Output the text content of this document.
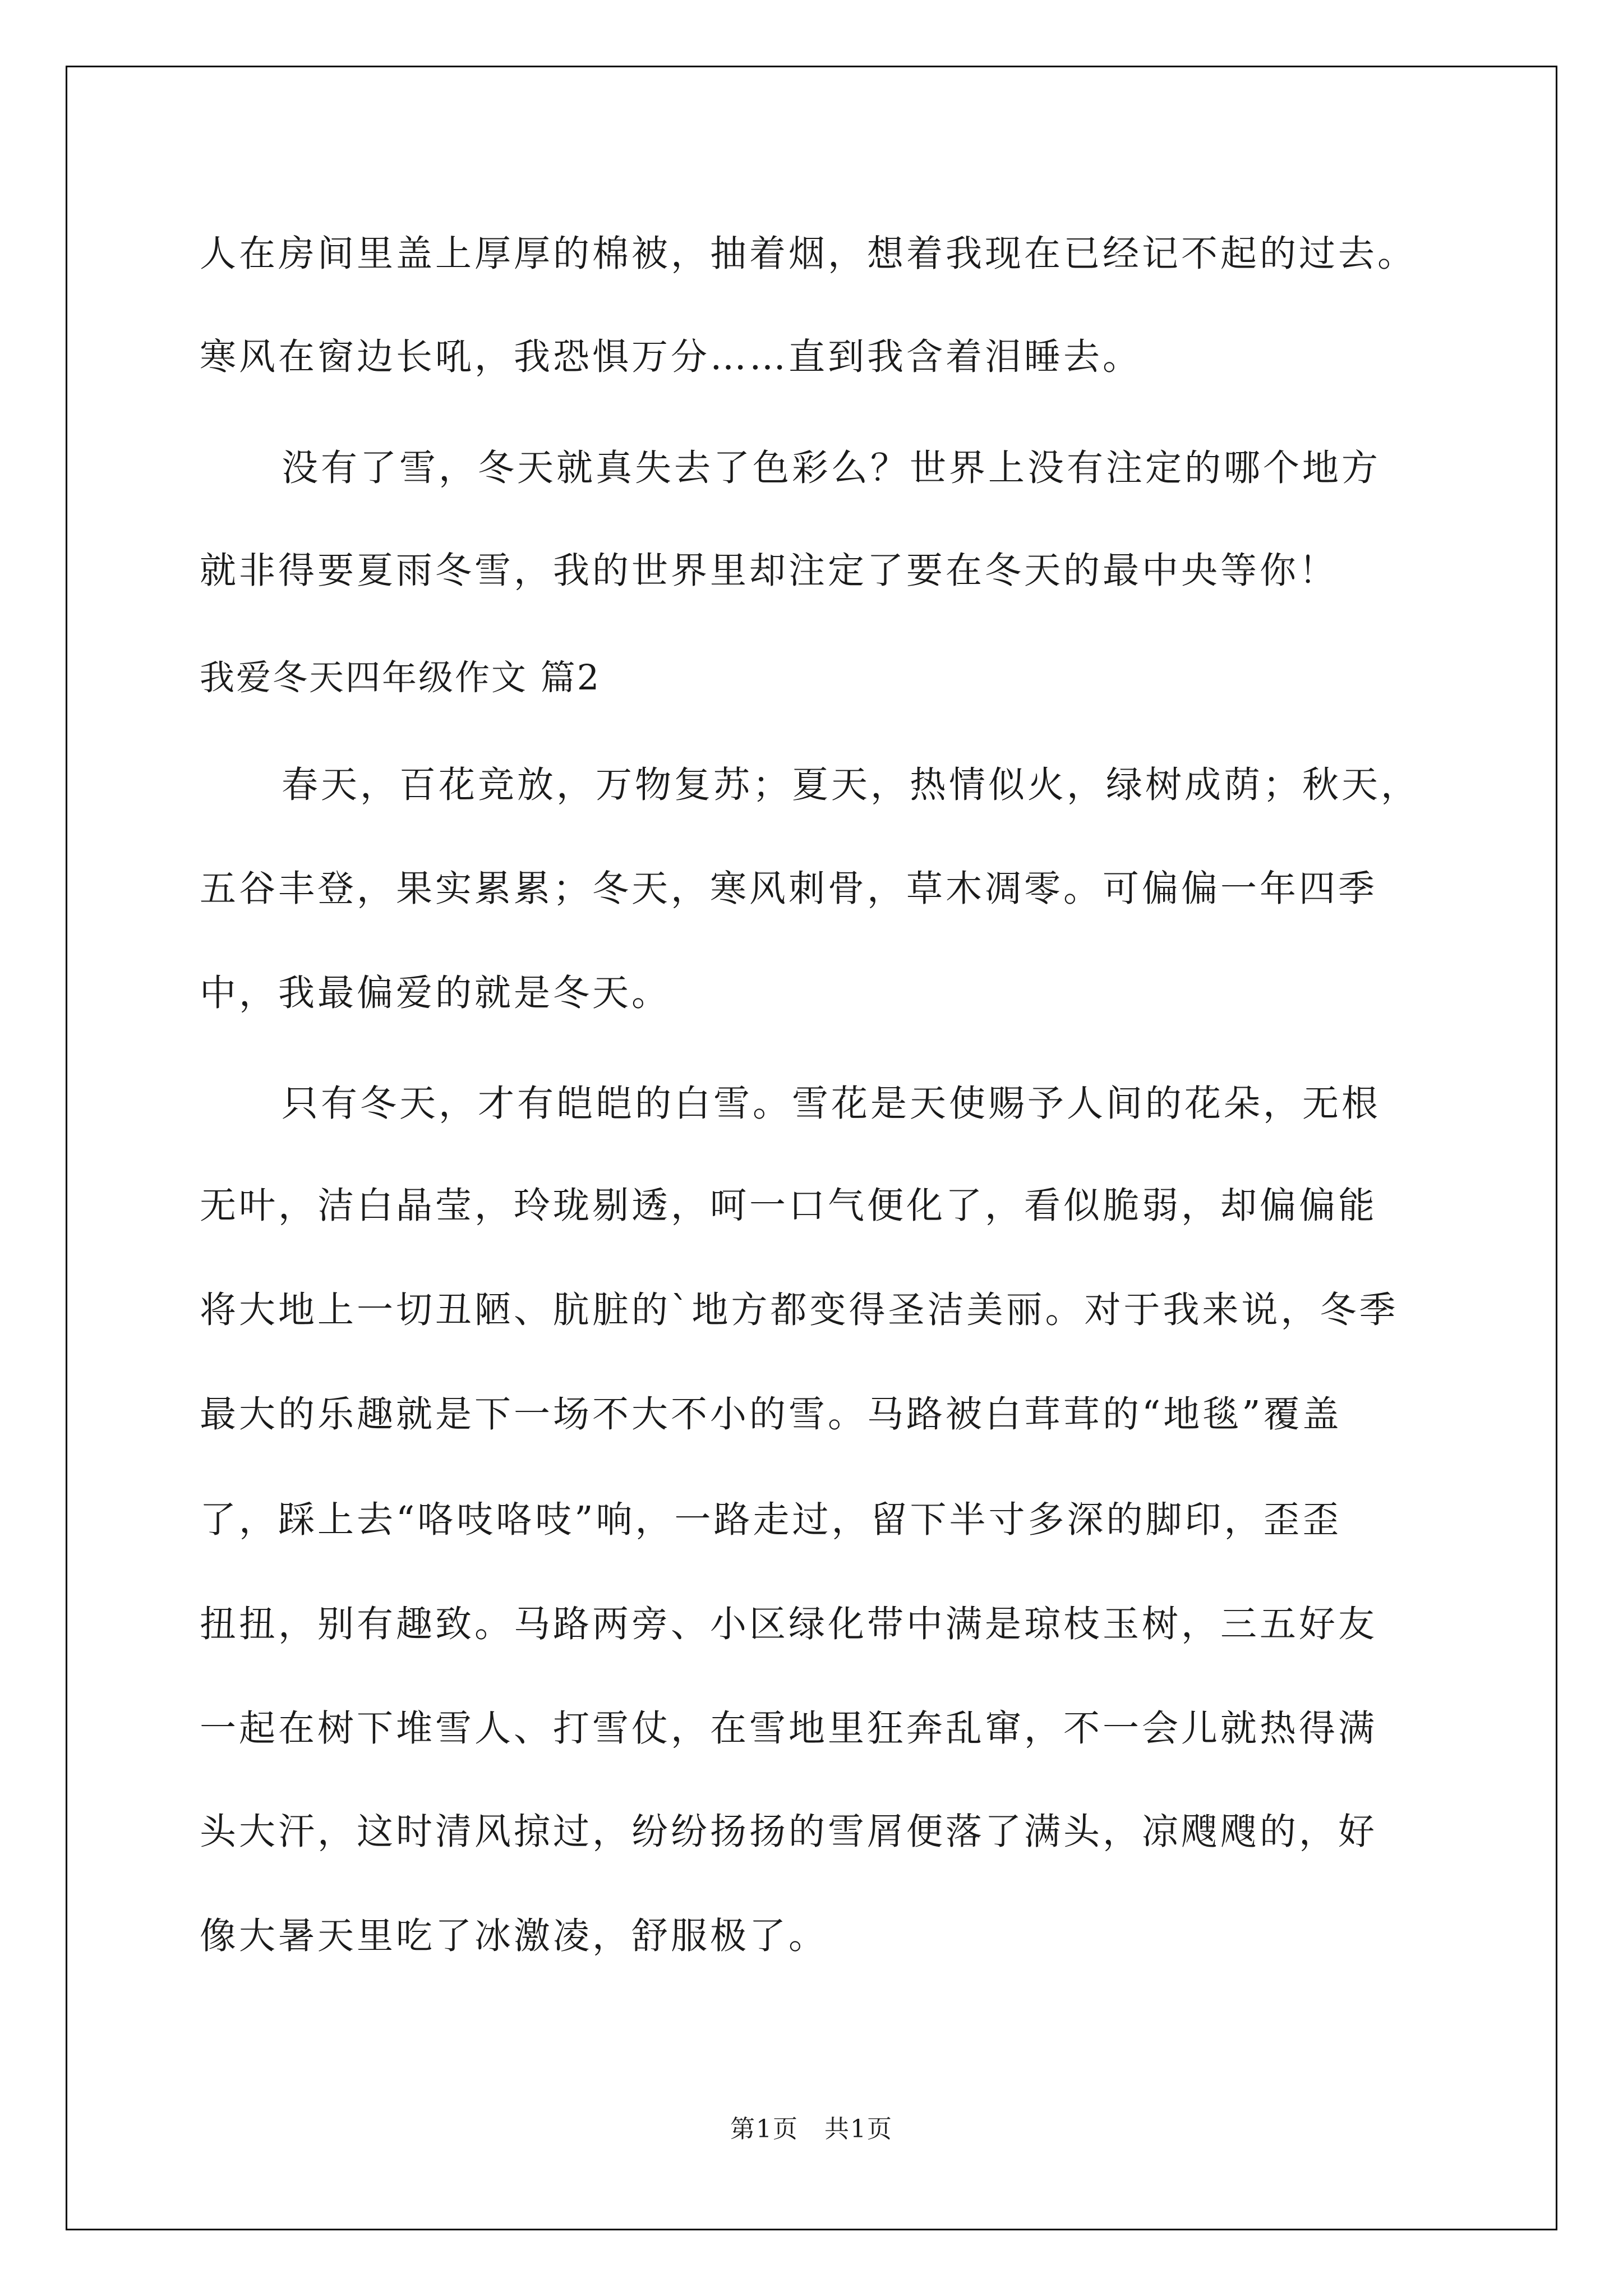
人在房间里盖上厚厚的棉被，抽着烟，想着我现在已经记不起的过去。
寒风在窗边长吼，我恐惧万分……直到我含着泪睡去。
没有了雪，冬天就真失去了色彩么？世界上没有注定的哪个地方
就非得要夏雨冬雪，我的世界里却注定了要在冬天的最中央等你！
我爱冬天四年级作文 篇2
春天，百花竞放，万物复苏；夏天，热情似火，绿树成荫；秋天，
五谷丰登，果实累累；冬天，寒风刺骨，草木凋零。可偏偏一年四季
中，我最偏爱的就是冬天。
只有冬天，才有皑皑的白雪。雪花是天使赐予人间的花朵，无根
无叶，洁白晶莹，玲珑剔透，呵一口气便化了，看似脆弱，却偏偏能
将大地上一切丑陋、肮脏的`地方都变得圣洁美丽。对于我来说，冬季
最大的乐趣就是下一场不大不小的雪。马路被白茸茸的“地毯”覆盖
了，踩上去“咯吱咯吱”响，一路走过，留下半寸多深的脚印，歪歪
扭扭，别有趣致。马路两旁、小区绿化带中满是琼枝玉树，三五好友
一起在树下堆雪人、打雪仗，在雪地里狂奔乱窜，不一会儿就热得满
头大汗，这时清风掠过，纷纷扬扬的雪屑便落了满头，凉飕飕的，好
像大暑天里吃了冰激凌，舒服极了。
第1页　共1页
